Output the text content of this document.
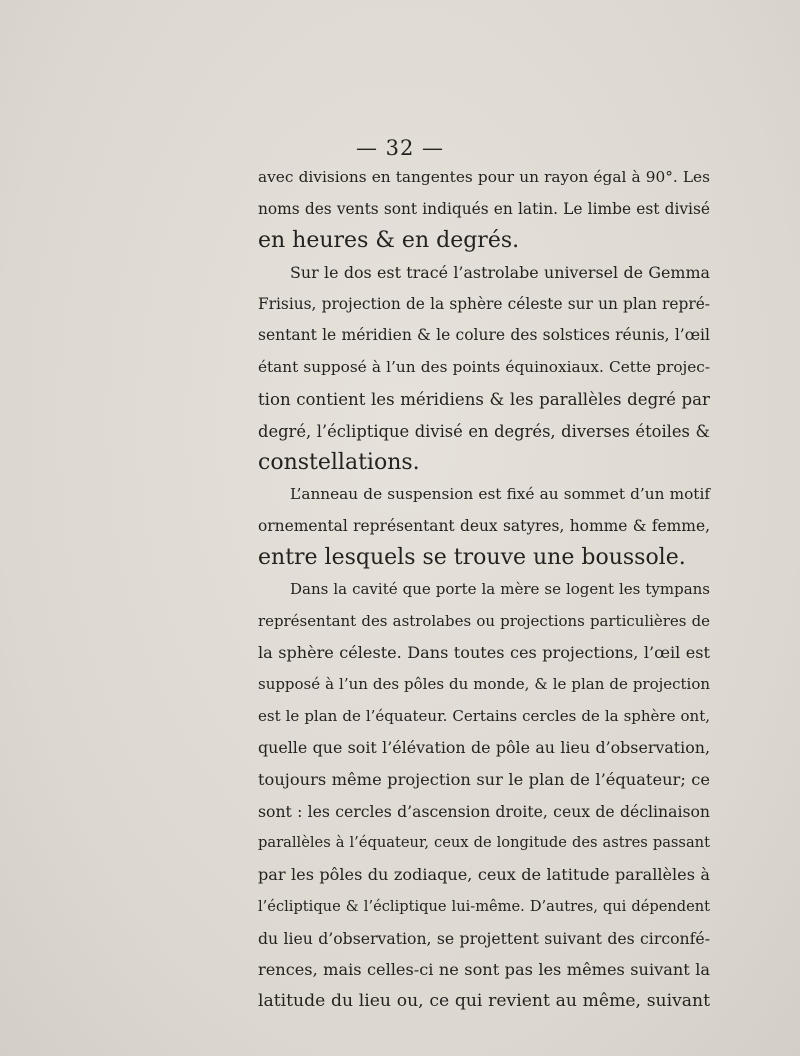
— 32 —
avec divisions en tangentes pour un rayon égal à 90°. Les
noms des vents sont indiqués en latin. Le limbe est divisé
en heures & en degrés.
Sur le dos est tracé l’astrolabe universel de Gemma
Frisius, projection de la sphère céleste sur un plan repré-
sentant le méridien & le colure des solstices réunis, l’œil
étant supposé à l’un des points équinoxiaux. Cette projec-
tion contient les méridiens & les parallèles degré par
degré, l’écliptique divisé en degrés, diverses étoiles &
constellations.
L’anneau de suspension est fixé au sommet d’un motif
ornemental représentant deux satyres, homme & femme,
entre lesquels se trouve une boussole.
Dans la cavité que porte la mère se logent les tympans
représentant des astrolabes ou projections particulières de
la sphère céleste. Dans toutes ces projections, l’œil est
supposé à l’un des pôles du monde, & le plan de projection
est le plan de l’équateur. Certains cercles de la sphère ont,
quelle que soit l’élévation de pôle au lieu d’observation,
toujours même projection sur le plan de l’équateur; ce
sont : les cercles d’ascension droite, ceux de déclinaison
parallèles à l’équateur, ceux de longitude des astres passant
par les pôles du zodiaque, ceux de latitude parallèles à
l’écliptique & l’écliptique lui-même. D’autres, qui dépendent
du lieu d’observation, se projettent suivant des circonfé-
rences, mais celles-ci ne sont pas les mêmes suivant la
latitude du lieu ou, ce qui revient au même, suivant
